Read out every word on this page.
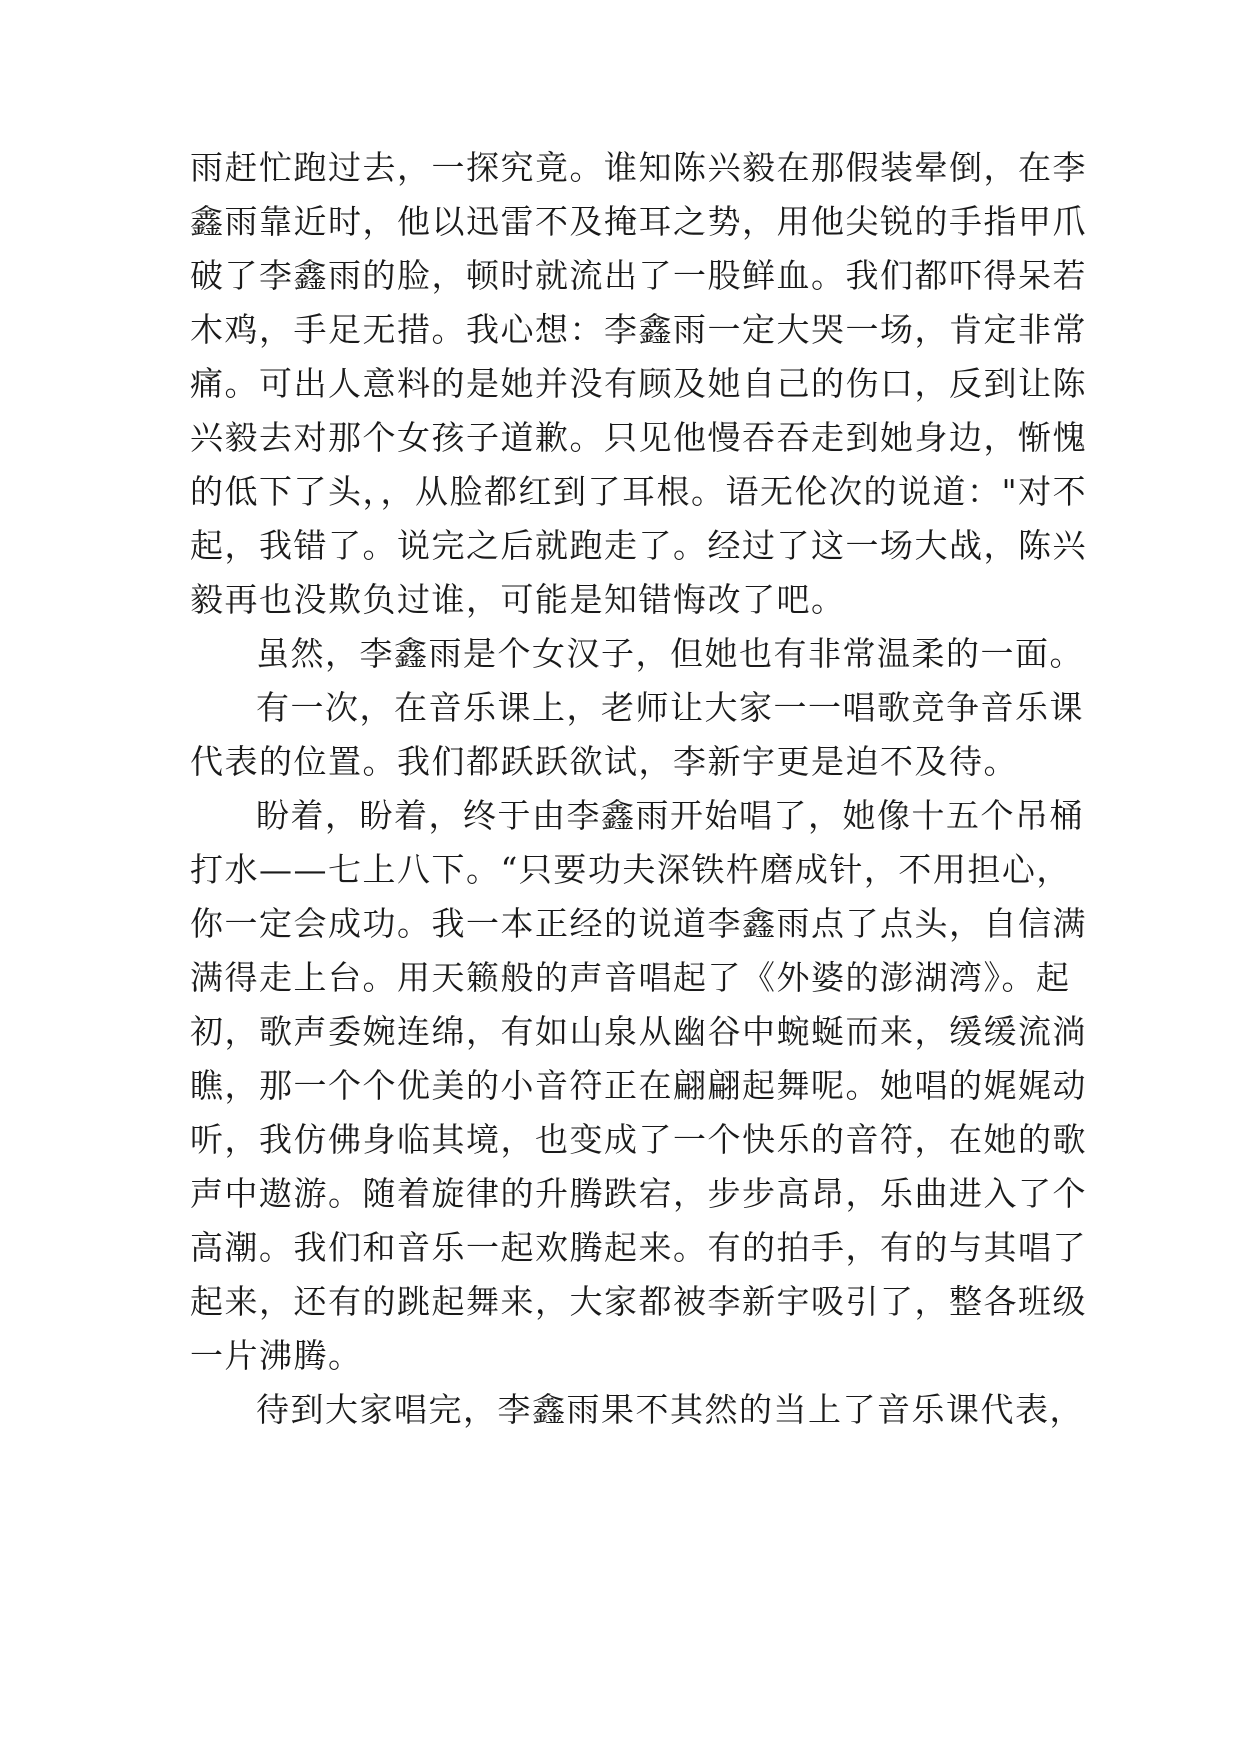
雨赶忙跑过去，一探究竟。谁知陈兴毅在那假装晕倒，在李
鑫雨靠近时，他以迅雷不及掩耳之势，用他尖锐的手指甲爪
破了李鑫雨的脸，顿时就流出了一股鲜血。我们都吓得呆若
木鸡，手足无措。我心想：李鑫雨一定大哭一场，肯定非常
痛。可出人意料的是她并没有顾及她自己的伤口，反到让陈
兴毅去对那个女孩子道歉。只见他慢吞吞走到她身边，惭愧
的低下了头，，从脸都红到了耳根。语无伦次的说道："对不
起，我错了。说完之后就跑走了。经过了这一场大战，陈兴
毅再也没欺负过谁，可能是知错悔改了吧。
虽然，李鑫雨是个女汉子，但她也有非常温柔的一面。
有一次，在音乐课上，老师让大家一一唱歌竞争音乐课
代表的位置。我们都跃跃欲试，李新宇更是迫不及待。
盼着，盼着，终于由李鑫雨开始唱了，她像十五个吊桶
打水——七上八下。“只要功夫深铁杵磨成针，不用担心，
你一定会成功。我一本正经的说道李鑫雨点了点头，自信满
满得走上台。用天籁般的声音唱起了《外婆的澎湖湾》。起
初，歌声委婉连绵，有如山泉从幽谷中蜿蜒而来，缓缓流淌
瞧，那一个个优美的小音符正在翩翩起舞呢。她唱的娓娓动
听，我仿佛身临其境，也变成了一个快乐的音符，在她的歌
声中遨游。随着旋律的升腾跌宕，步步高昂，乐曲进入了个
高潮。我们和音乐一起欢腾起来。有的拍手，有的与其唱了
起来，还有的跳起舞来，大家都被李新宇吸引了，整各班级
一片沸腾。
待到大家唱完，李鑫雨果不其然的当上了音乐课代表，
